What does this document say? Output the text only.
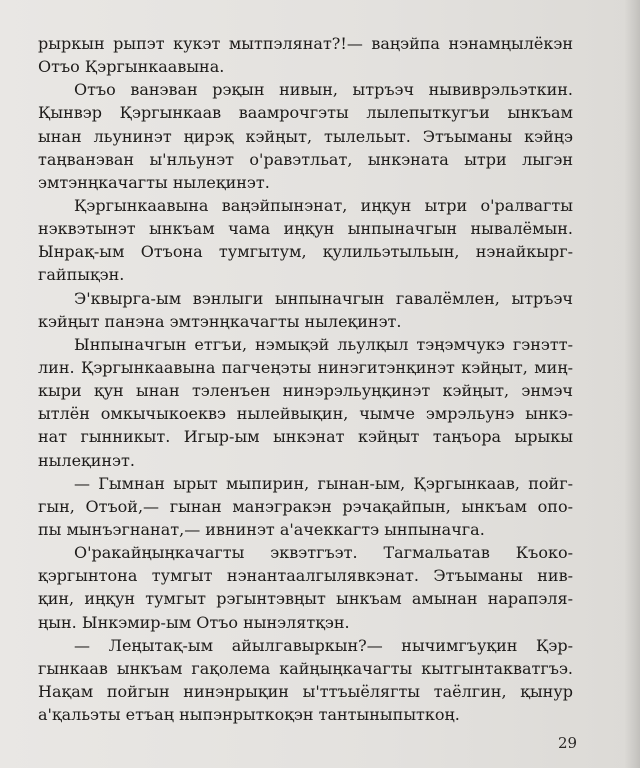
рыркын рыпэт кукэт мытпэлянат?!— ваңэйпа нэнамңылёкэн
Отъо Қэргынкаавына.

Отъо ванэван рэқын нивын, ытръэч нывиврэльэткин.
Қынвэр Қэргынкаав ваамрочгэты лылепыткугъи ынкъам
ынан льунинэт ңирэқ кэйңыт, тылельыт. Этъыманы кэйңэ
таңванэван ы'нльунэт о'равэтльат, ынкэната ытри лыгэн
эмтэнңкачагты нылеқинэт.

Қэргынкаавына ваңэйпынэнат, иңқун ытри о'ралвагты
нэквэтынэт ынкъам чама иңқун ынпыначгын нывалёмын.
Ынрақ-ым Отъона тумгытум, қулильэтыльын, нэнайкырг-
гайпықэн.

Э'квырга-ым вэнлыги ынпыначгын гавалёмлен, ытръэч
кэйңыт панэна эмтэнңкачагты нылеқинэт.

Ынпыначгын етгъи, нэмықэй льулқыл тэңэмчукэ гэнэтт-
лин. Қэргынкаавына пагчеңэты нинэгитэнқинэт кэйңыт, миң-
кыри қун ынан тэленъен нинэрэльуңқинэт кэйңыт, энмэч
ытлён омкычыкоеквэ нылейвықин, чымче эмрэльунэ ынкэ-
нат гынникыт. Игыр-ым ынкэнат кэйңыт таңъора ырыкы
нылеқинэт.

— Гымнан ырыт мыпирин, гынан-ым, Қэргынкаав, пойг-
гын, Отъой,— гынан манэгракэн рэчақайпын, ынкъам опо-
пы мынъэгнанат,— ивнинэт а'ачеккагтэ ынпыначга.

О'ракайңыңкачагты эквэтгъэт. Тагмальатав Къоко-
қэргынтона тумгыт нэнантаалгылявкэнат. Этъыманы нив-
қин, иңқун тумгыт рэгынтэвңыт ынкъам амынан нарапэля-
ңын. Ынкэмир-ым Отъо нынэлятқэн.

— Леңытақ-ым айылгавыркын?— нычимгъуқин Қэр-
гынкаав ынкъам гақолема кайңыңкачагты кытгынтакватгъэ.
Нақам пойгын нинэнрықин ы'ттъыёлягты таёлгин, қынур
а'қальэты етъаң ныпэнрыткоқэн тантыныпыткоң.

29
